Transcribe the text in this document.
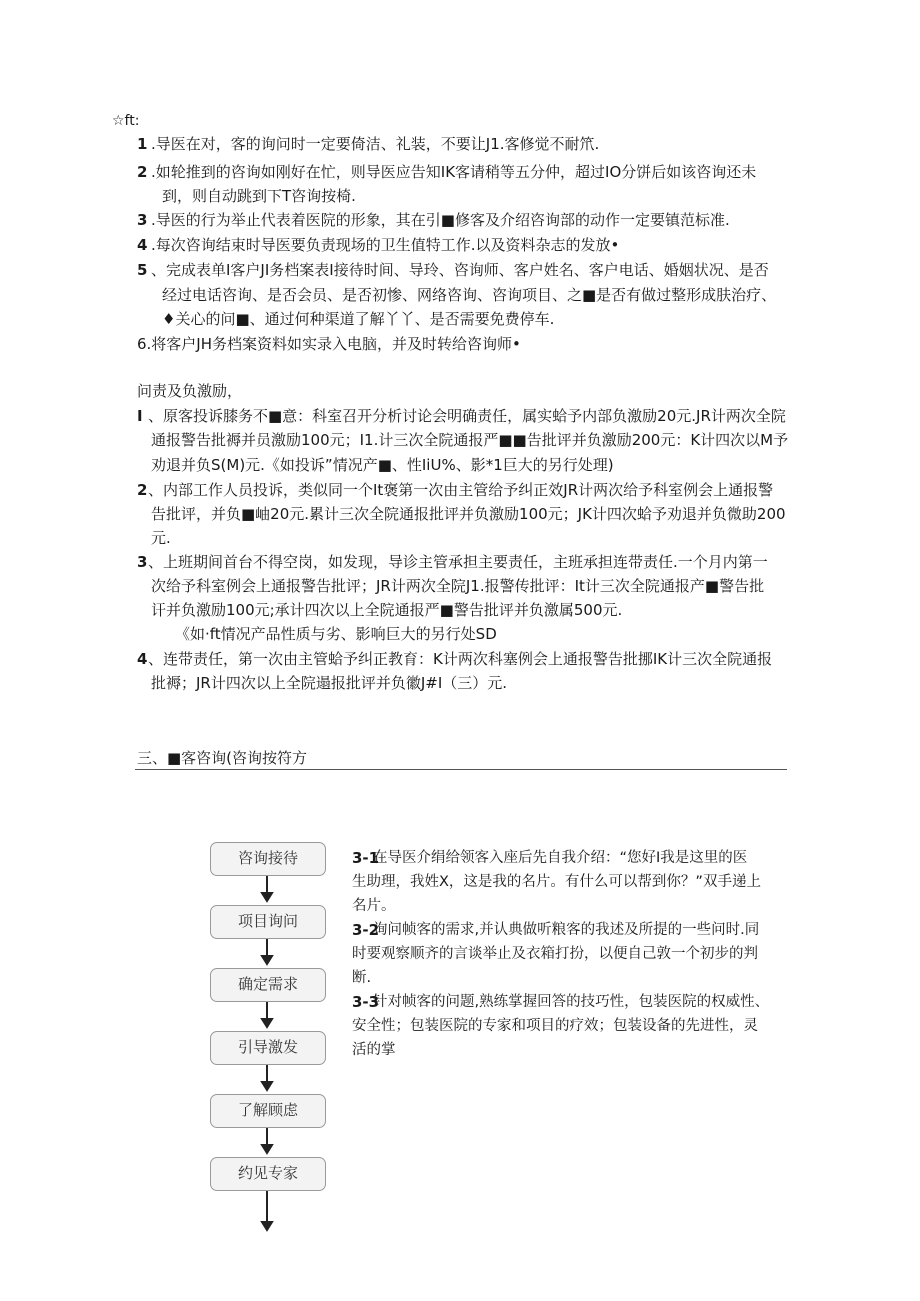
☆ft:
1 .导医在对，客的询问时一定要倚洁、礼装，不要让J1.客修觉不耐笊.
2 .如轮推到的咨询如刚好在忙，则导医应告知IK客请稍等五分仲，超过IO分饼后如该咨询还未
到，则自动跳到下T咨询按椅.
3 .导医的行为举止代表着医院的形象，其在引■修客及介绍咨询部的动作一定要镇范标准.
4 .每次咨询结束时导医要负责现场的卫生值特工作.以及资料杂志的发放•
5 、完成表单I客户JI务档案表I接待时间、导玲、咨询师、客户姓名、客户电话、婚姻状况、是否
经过电话咨询、是否会员、是否初惨、网络咨询、咨询项目、之■是否有做过整形成肤治疗、
♦关心的问■、通过何种渠道了解丫丫、是否需要免费停车.
6.将客户JH务档案资料如实录入电脑，并及时转给咨询师•
问责及负激励，
I 、原客投诉膝务不■意：科室召开分析讨论会明确责任，属实蛤予内部负激励20元.JR计两次全院
通报警告批褥并员激励100元；I1.计三次全院通报严■■告批评并负激励200元：K计四次以M予
劝退并负S(M)元.《如投诉”情况产■、性IiU%、影*1巨大的另行处理)
2 、内部工作人员投诉，类似同一个It褒第一次由主管给予纠正效JR计两次给予科室例会上通报警
告批评，并负■岫20元.累计三次全院通报批评并负激励100元；JK计四次蛤予劝退并负微助200
元.
3 、上班期间首台不得空岗，如发现，导诊主管承担主要责任，主班承担连带责任.一个月内第一
次给予科室例会上通报警告批评；JR计两次全院J1.报警传批评：It计三次全院通报产■警告批
讦并负激励100元;承计四次以上全院通报严■警告批评并负激属500元.
《如·ft情况产品性质与劣、影响巨大的另行处SD
4 、连带责任，第一次由主管蛤予纠正教育：K计两次科塞例会上通报警告批挪IK计三次全院通报
批褥；JR计四次以上全院遢报批评并负徽J#I（三）元.
三、■客咨询(咨询按符方
咨询接待
项目询问
确定需求
引导激发
了解顾虑
约见专家
3-1
在导医介绢给领客入座后先自我介绍：“您好I我是这里的医
生助理，我姓X，这是我的名片。有什么可以帮到你？”双手递上
名片。
3-2
询问帧客的需求,并认典做听粮客的我述及所提的一些问时.同
时要观察顺齐的言谈举止及衣箱打扮，以便自己敦一个初步的判
断.
3-3
针对帧客的问题,熟练掌握回答的技巧性，包装医院的权威性、
安全性；包装医院的专家和项目的疗效；包装设备的先进性，灵
活的掌
